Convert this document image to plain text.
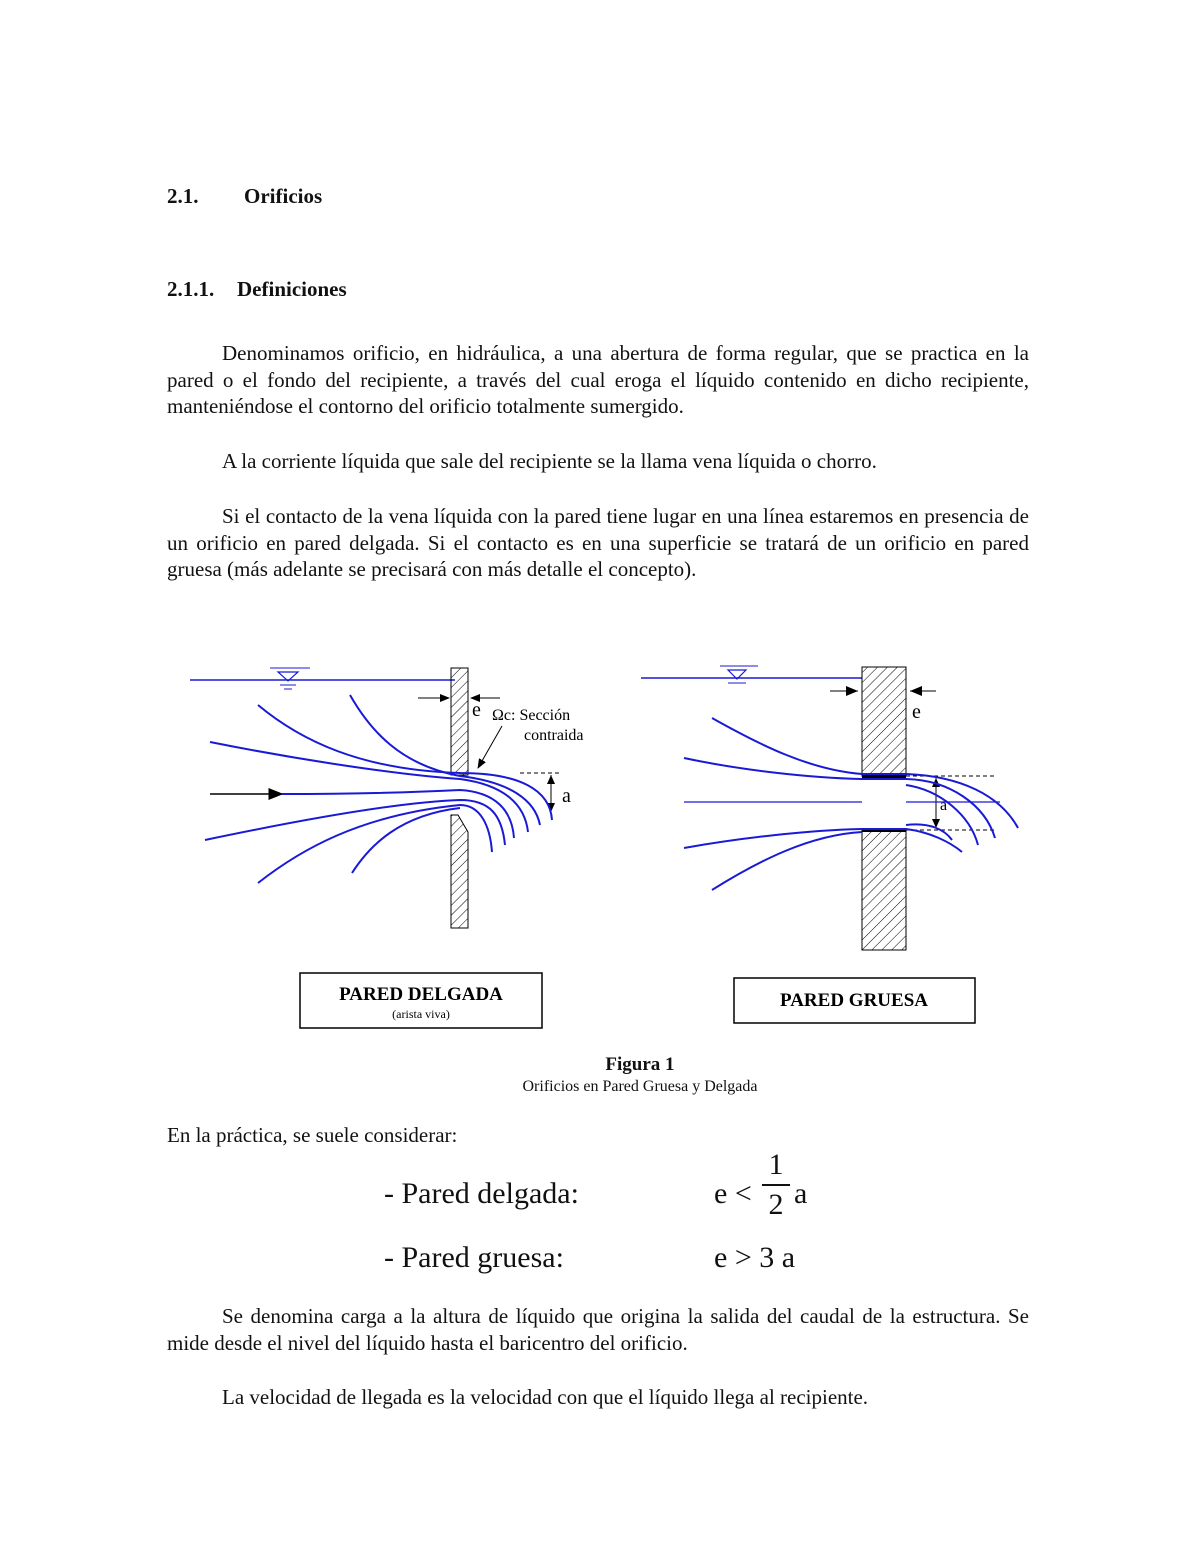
2.1. Orificios
2.1.1. Definiciones

Denominamos orificio, en hidráulica, a una abertura de forma regular, que se practica en la pared o el fondo del recipiente, a través del cual eroga el líquido contenido en dicho recipiente, manteniéndose el contorno del orificio totalmente sumergido.

A la corriente líquida que sale del recipiente se la llama vena líquida o chorro.

Si el contacto de la vena líquida con la pared tiene lugar en una línea estaremos en presencia de un orificio en pared delgada. Si el contacto es en una superficie se tratará de un orificio en pared gruesa (más adelante se precisará con más detalle el concepto).

e Ωc: Sección
contraida
a
PARED DELGADA
(arista viva)
e
a
PARED GRUESA
Figura 1
Orificios en Pared Gruesa y Delgada

En la práctica, se suele considerar:

- Pared delgada:	e <
1
2 a
- Pared gruesa:	e > 3 a

Se denomina carga a la altura de líquido que origina la salida del caudal de la estructura. Se mide desde el nivel del líquido hasta el baricentro del orificio.

La velocidad de llegada es la velocidad con que el líquido llega al recipiente.
